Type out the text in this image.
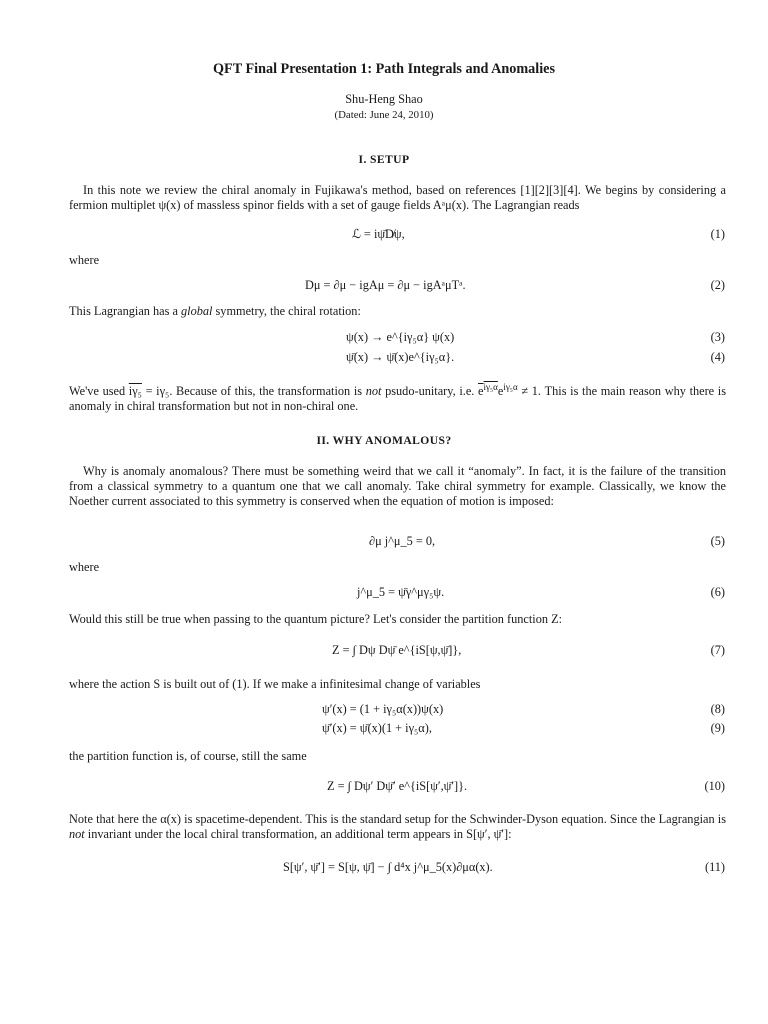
QFT Final Presentation 1: Path Integrals and Anomalies
Shu-Heng Shao
(Dated: June 24, 2010)
I. SETUP
In this note we review the chiral anomaly in Fujikawa's method, based on references [1][2][3][4]. We begins by considering a fermion multiplet ψ(x) of massless spinor fields with a set of gauge fields Aᵃμ(x). The Lagrangian reads
ℒ = iψ̄D̸ψ,	(1)
where
Dμ = ∂μ − igAμ = ∂μ − igAᵃμTᵃ.	(2)
This Lagrangian has a global symmetry, the chiral rotation:
ψ(x) → e^{iγ₅α} ψ(x)	(3)
ψ̄(x) → ψ̄(x)e^{iγ₅α}.	(4)
We've used iγ₅ = iγ₅. Because of this, the transformation is not psudo-unitary, i.e. $e^{i\gamma_5\alpha}e^{i\gamma_5\alpha} \ne 1$. This is the main reason why there is anomaly in chiral transformation but not in non-chiral one.
II. WHY ANOMALOUS?
Why is anomaly anomalous? There must be something weird that we call it “anomaly”. In fact, it is the failure of the transition from a classical symmetry to a quantum one that we call anomaly. Take chiral symmetry for example. Classically, we know the Noether current associated to this symmetry is conserved when the equation of motion is imposed:
∂μ j^μ_5 = 0,	(5)
where
j^μ_5 = ψ̄γ^μγ₅ψ.	(6)
Would this still be true when passing to the quantum picture? Let's consider the partition function Z:
Z = ∫ Dψ Dψ̄ e^{iS[ψ,ψ̄]},	(7)
where the action S is built out of (1). If we make a infinitesimal change of variables
ψ′(x) = (1 + iγ₅α(x))ψ(x)	(8)
ψ̄′(x) = ψ̄(x)(1 + iγ₅α),	(9)
the partition function is, of course, still the same
Z = ∫ Dψ′ Dψ̄′ e^{iS[ψ′,ψ̄′]}.	(10)
Note that here the α(x) is spacetime-dependent. This is the standard setup for the Schwinder-Dyson equation. Since the Lagrangian is not invariant under the local chiral transformation, an additional term appears in S[ψ′, ψ̄′]:
S[ψ′, ψ̄′] = S[ψ, ψ̄] − ∫ d⁴x j^μ_5(x)∂μα(x).	(11)
